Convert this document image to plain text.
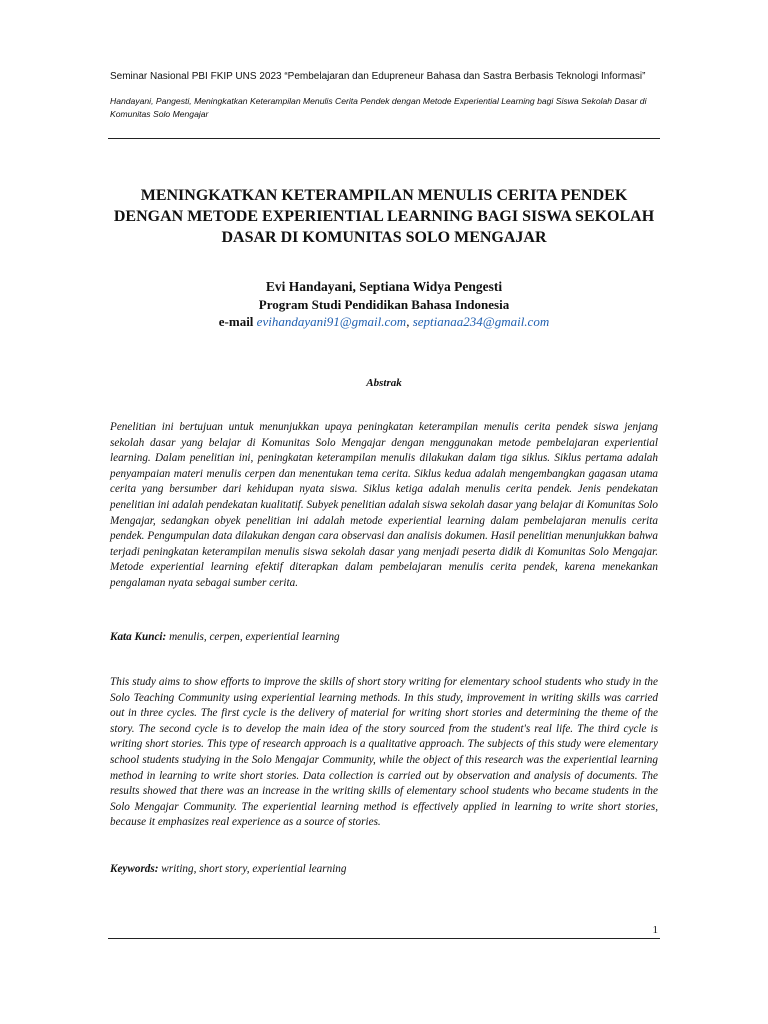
Seminar Nasional PBI FKIP UNS 2023 “Pembelajaran dan Edupreneur Bahasa dan Sastra Berbasis Teknologi Informasi”
Handayani, Pangesti, Meningkatkan Keterampilan Menulis Cerita Pendek dengan Metode Experiential Learning bagi Siswa Sekolah Dasar di Komunitas Solo Mengajar
MENINGKATKAN KETERAMPILAN MENULIS CERITA PENDEK DENGAN METODE EXPERIENTIAL LEARNING BAGI SISWA SEKOLAH DASAR DI KOMUNITAS SOLO MENGAJAR
Evi Handayani, Septiana Widya Pengesti
Program Studi Pendidikan Bahasa Indonesia
e-mail evihandayani91@gmail.com, septianaa234@gmail.com
Abstrak
Penelitian ini bertujuan untuk menunjukkan upaya peningkatan keterampilan menulis cerita pendek siswa jenjang sekolah dasar yang belajar di Komunitas Solo Mengajar dengan menggunakan metode pembelajaran experiential learning. Dalam penelitian ini, peningkatan keterampilan menulis dilakukan dalam tiga siklus. Siklus pertama adalah penyampaian materi menulis cerpen dan menentukan tema cerita. Siklus kedua adalah mengembangkan gagasan utama cerita yang bersumber dari kehidupan nyata siswa. Siklus ketiga adalah menulis cerita pendek. Jenis pendekatan penelitian ini adalah pendekatan kualitatif. Subyek penelitian adalah siswa sekolah dasar yang belajar di Komunitas Solo Mengajar, sedangkan obyek penelitian ini adalah metode experiential learning dalam pembelajaran menulis cerita pendek. Pengumpulan data dilakukan dengan cara observasi dan analisis dokumen. Hasil penelitian menunjukkan bahwa terjadi peningkatan keterampilan menulis siswa sekolah dasar yang menjadi peserta didik di Komunitas Solo Mengajar. Metode experiential learning efektif diterapkan dalam pembelajaran menulis cerita pendek, karena menekankan pengalaman nyata sebagai sumber cerita.
Kata Kunci: menulis, cerpen, experiential learning
This study aims to show efforts to improve the skills of short story writing for elementary school students who study in the Solo Teaching Community using experiential learning methods. In this study, improvement in writing skills was carried out in three cycles. The first cycle is the delivery of material for writing short stories and determining the theme of the story. The second cycle is to develop the main idea of the story sourced from the student's real life. The third cycle is writing short stories. This type of research approach is a qualitative approach. The subjects of this study were elementary school students studying in the Solo Mengajar Community, while the object of this research was the experiential learning method in learning to write short stories. Data collection is carried out by observation and analysis of documents. The results showed that there was an increase in the writing skills of elementary school students who became students in the Solo Mengajar Community. The experiential learning method is effectively applied in learning to write short stories, because it emphasizes real experience as a source of stories.
Keywords: writing, short story, experiential learning
1
